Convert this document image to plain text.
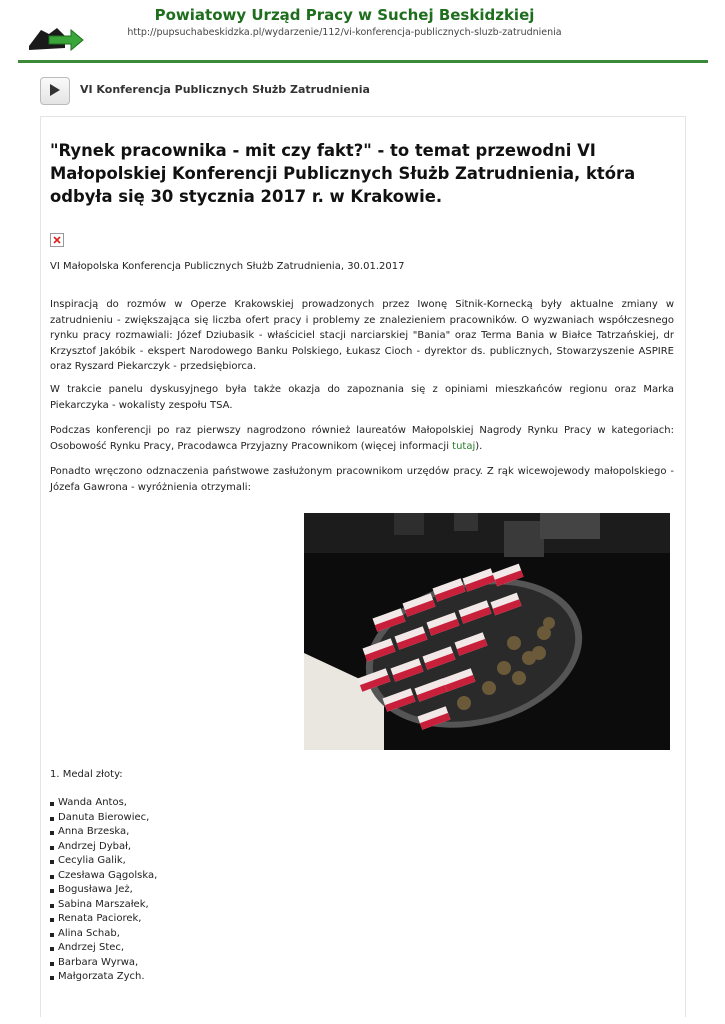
Powiatowy Urząd Pracy w Suchej Beskidzkiej
http://pupsuchabeskidzka.pl/wydarzenie/112/vi-konferencja-publicznych-sluzb-zatrudnienia
VI Konferencja Publicznych Służb Zatrudnienia
"Rynek pracownika - mit czy fakt?" - to temat przewodni VI Małopolskiej Konferencji Publicznych Służb Zatrudnienia, która odbyła się 30 stycznia 2017 r. w Krakowie.
VI Małopolska Konferencja Publicznych Służb Zatrudnienia, 30.01.2017

Inspiracją do rozmów w Operze Krakowskiej prowadzonych przez Iwonę Sitnik-Kornecką były aktualne zmiany w zatrudnieniu - zwiększająca się liczba ofert pracy i problemy ze znalezieniem pracowników. O wyzwaniach współczesnego rynku pracy rozmawiali: Józef Dziubasik - właściciel stacji narciarskiej "Bania" oraz Terma Bania w Białce Tatrzańskiej, dr Krzysztof Jakóbik - ekspert Narodowego Banku Polskiego, Łukasz Cioch - dyrektor ds. publicznych, Stowarzyszenie ASPIRE oraz Ryszard Piekarczyk - przedsiębiorca.

W trakcie panelu dyskusyjnego była także okazja do zapoznania się z opiniami mieszkańców regionu oraz Marka Piekarczyka - wokalisty zespołu TSA.

Podczas konferencji po raz pierwszy nagrodzono również laureatów Małopolskiej Nagrody Rynku Pracy w kategoriach: Osobowość Rynku Pracy, Pracodawca Przyjazny Pracownikom (więcej informacji tutaj).

Ponadto wręczono odznaczenia państwowe zasłużonym pracownikom urzędów pracy. Z rąk wicewojewody małopolskiego - Józefa Gawrona - wyróżnienia otrzymali:

1. Medal złoty:
Wanda Antos,
Danuta Bierowiec,
Anna Brzeska,
Andrzej Dybał,
Cecylia Galik,
Czesława Gągolska,
Bogusława Jeż,
Sabina Marszałek,
Renata Paciorek,
Alina Schab,
Andrzej Stec,
Barbara Wyrwa,
Małgorzata Zych.
